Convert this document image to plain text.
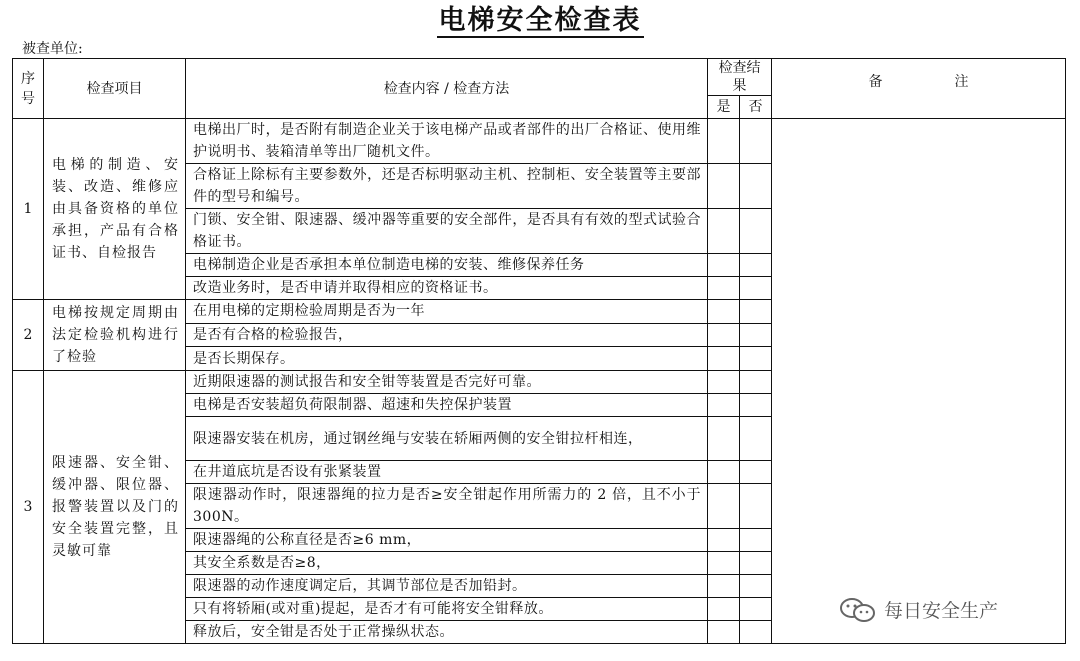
电梯安全检查表
被查单位:
序号	检查项目	检查内容 / 检查方法	检查结果		备 注

			是	否	
1	电梯的制造、安装、改造、维修应由具备资格的单位承担，产品有合格证书、自检报告	电梯出厂时，是否附有制造企业关于该电梯产品或者部件的出厂合格证、使用维护说明书、装箱清单等出厂随机文件。			
		合格证上除标有主要参数外，还是否标明驱动主机、控制柜、安全装置等主要部件的型号和编号。			
		门锁、安全钳、限速器、缓冲器等重要的安全部件，是否具有有效的型式试验合格证书。			
		电梯制造企业是否承担本单位制造电梯的安装、维修保养任务			
		改造业务时，是否申请并取得相应的资格证书。			
2	电梯按规定周期由法定检验机构进行了检验	在用电梯的定期检验周期是否为一年			
		是否有合格的检验报告，			
		是否长期保存。			
3	限速器、安全钳、缓冲器、限位器、报警装置以及门的安全装置完整，且灵敏可靠	近期限速器的测试报告和安全钳等装置是否完好可靠。			
		电梯是否安装超负荷限制器、超速和失控保护装置			
		限速器安装在机房，通过钢丝绳与安装在轿厢两侧的安全钳拉杆相连，			
		在井道底坑是否设有张紧装置			
		限速器动作时，限速器绳的拉力是否≥安全钳起作用所需力的 2 倍，且不小于 300N。			
		限速器绳的公称直径是否≥6 mm，			
		其安全系数是否≥8，			
		限速器的动作速度调定后，其调节部位是否加铅封。			
		只有将轿厢(或对重)提起，是否才有可能将安全钳释放。			
		释放后，安全钳是否处于正常操纵状态。			
每日安全生产
